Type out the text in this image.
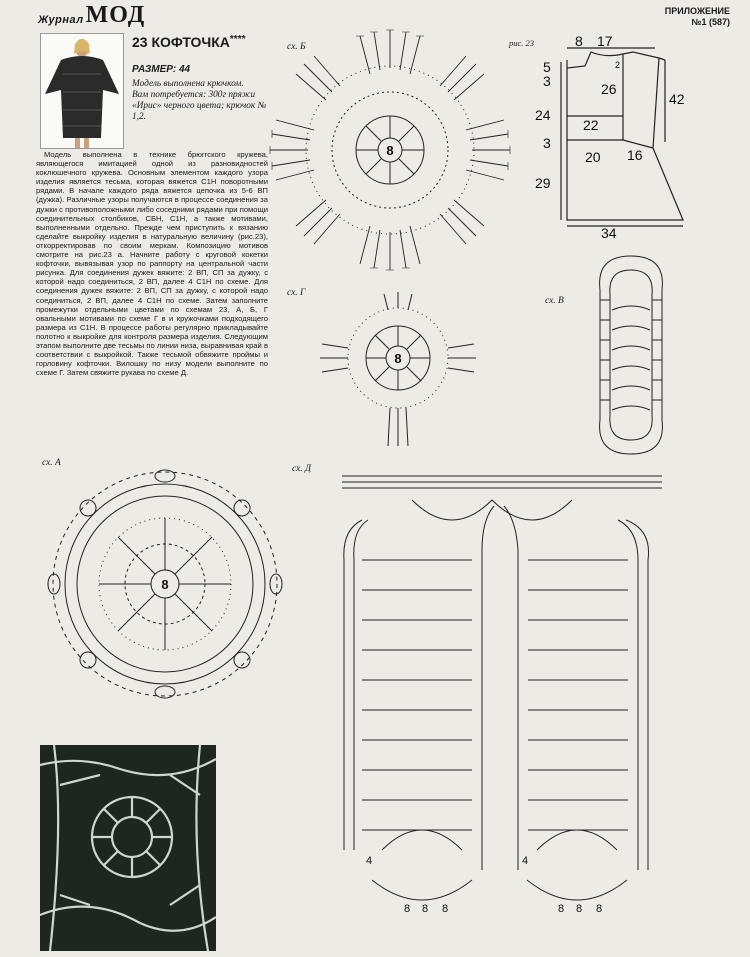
Журнал МОД	ПРИЛОЖЕНИЕ
№1 (587)
23 КОФТОЧКА****
РАЗМЕР: 44
Модель выполнена крючком.
Вам потребуется: 300г пряжи «Ирис» черного цвета; крючок № 1,2.

Модель выполнена в технике брюггского кружева, являющегося имитацией одной из разновидностей коклюшечного кружева. Основным элементом каждого узора изделия является тесьма, которая вяжется С1Н поворотными рядами. В начале каждого ряда вяжется цепочка из 5-6 ВП (дужка). Различные узоры получаются в процессе соединения за дужки с противоположными либо соседними рядами при помощи соединительных столбиков, СБН, С1Н, а также мотивами, выполненными отдельно. Прежде чем приступить к вязанию сделайте выкройку изделия в натуральную величину (рис.23), откорректировав по своим меркам. Композицию мотивов смотрите на рис.23 а. Начните работу с круговой кокетки кофточки, вывязывая узор по раппорту на центральной части рисунка. Для соединения дужек вяжите: 2 ВП, СП за дужку, с которой надо соединиться, 2 ВП, далее 4 С1Н по схеме. Для соединения дужек вяжите: 2 ВП, СП за дужку, с которой надо соединиться, 2 ВП, далее 4 С1Н по схеме. Затем заполните промежутки отдельными цветами по схемам 23, А, Б, Г овальными мотивами по схеме Г в и кружочками подходящего размера из С1Н. В процессе работы регулярно прикладывайте полотно к выкройке для контроля размера изделия. Следующим этапом выполните две тесьмы по линии низа, выравнивая край в соответствии с выкройкой. Также тесьмой обвяжите проймы и горловину кофточки. Вилошку по низу модели выполните по схеме Г. Затем свяжите рукава по схеме Д.

сх. Б
сх. Г
сх. В
сх. А
сх. Д
рис. 23
8
8 17
5
3
2
26
24
22
42
3
20 16
29
34
8
8
4
8 8 8
4
8 8 8
